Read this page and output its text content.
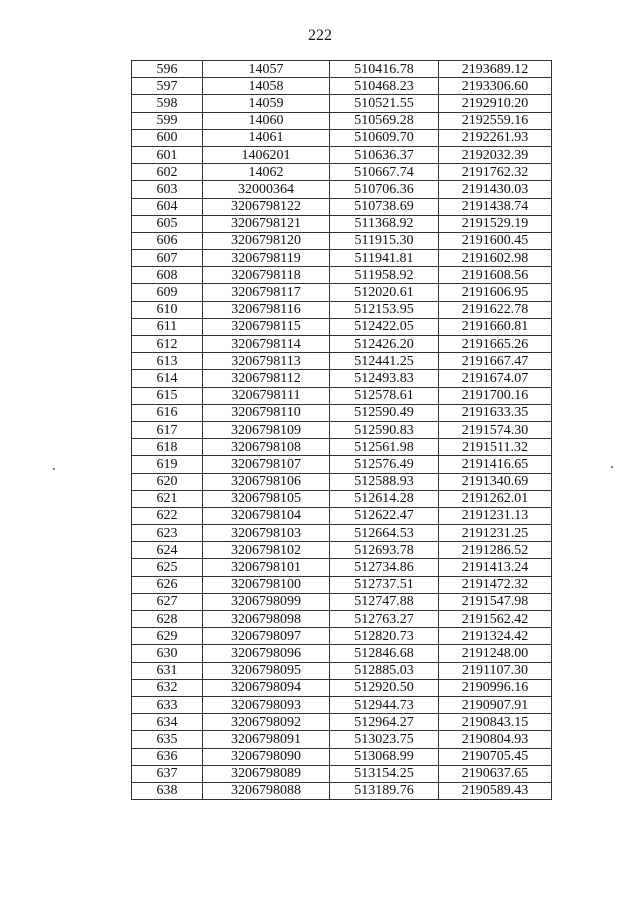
222
596	14057	510416.78	2193689.12
597	14058	510468.23	2193306.60
598	14059	510521.55	2192910.20
599	14060	510569.28	2192559.16
600	14061	510609.70	2192261.93
601	1406201	510636.37	2192032.39
602	14062	510667.74	2191762.32
603	32000364	510706.36	2191430.03
604	3206798122	510738.69	2191438.74
605	3206798121	511368.92	2191529.19
606	3206798120	511915.30	2191600.45
607	3206798119	511941.81	2191602.98
608	3206798118	511958.92	2191608.56
609	3206798117	512020.61	2191606.95
610	3206798116	512153.95	2191622.78
611	3206798115	512422.05	2191660.81
612	3206798114	512426.20	2191665.26
613	3206798113	512441.25	2191667.47
614	3206798112	512493.83	2191674.07
615	3206798111	512578.61	2191700.16
616	3206798110	512590.49	2191633.35
617	3206798109	512590.83	2191574.30
618	3206798108	512561.98	2191511.32
619	3206798107	512576.49	2191416.65
620	3206798106	512588.93	2191340.69
621	3206798105	512614.28	2191262.01
622	3206798104	512622.47	2191231.13
623	3206798103	512664.53	2191231.25
624	3206798102	512693.78	2191286.52
625	3206798101	512734.86	2191413.24
626	3206798100	512737.51	2191472.32
627	3206798099	512747.88	2191547.98
628	3206798098	512763.27	2191562.42
629	3206798097	512820.73	2191324.42
630	3206798096	512846.68	2191248.00
631	3206798095	512885.03	2191107.30
632	3206798094	512920.50	2190996.16
633	3206798093	512944.73	2190907.91
634	3206798092	512964.27	2190843.15
635	3206798091	513023.75	2190804.93
636	3206798090	513068.99	2190705.45
637	3206798089	513154.25	2190637.65
638	3206798088	513189.76	2190589.43
